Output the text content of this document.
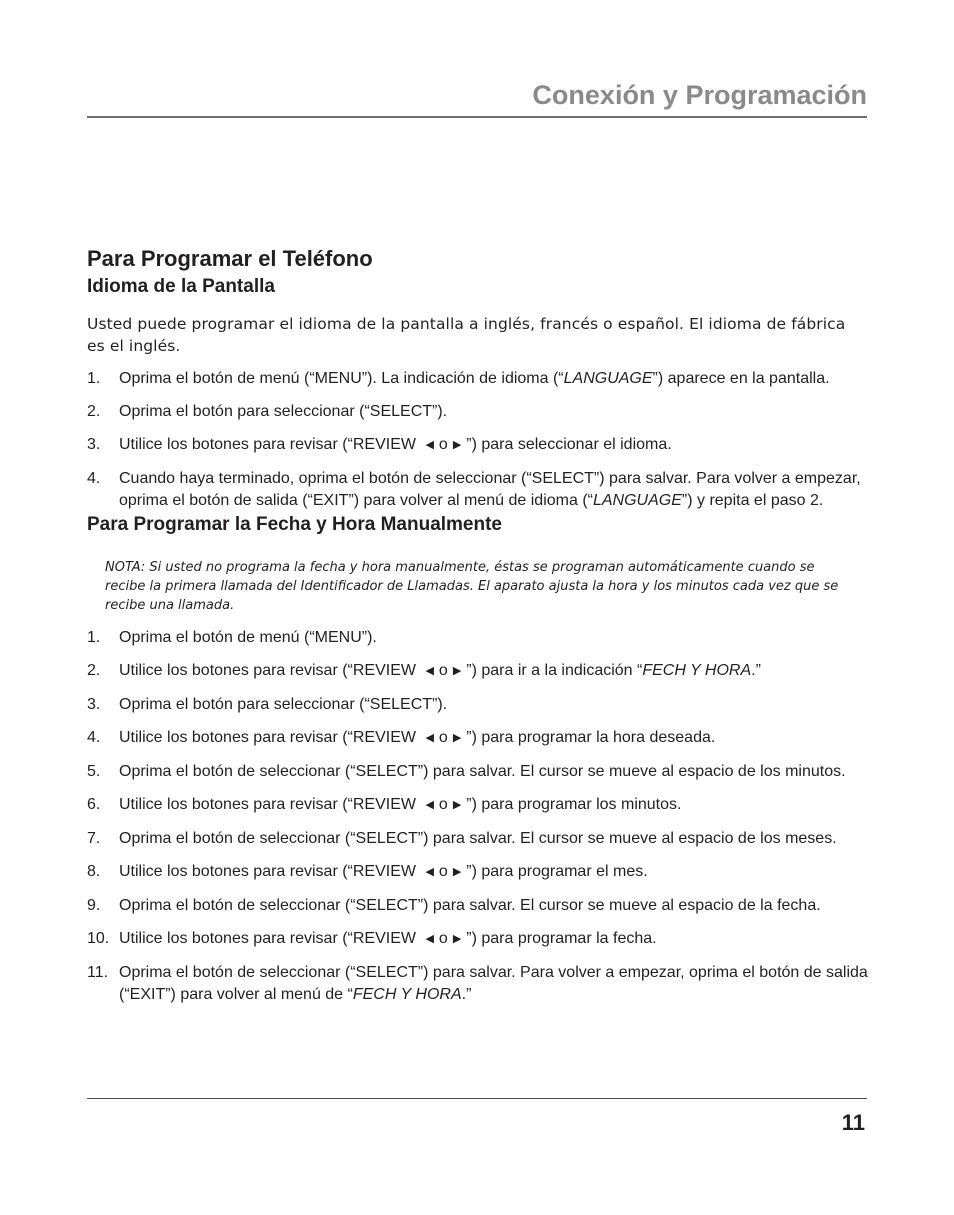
Conexión y Programación
Para Programar el Teléfono
Idioma de la Pantalla

Usted puede programar el idioma de la pantalla a inglés, francés o español. El idioma de fábrica es el inglés.

1. Oprima el botón de menú (“MENU”). La indicación de idioma (“LANGUAGE”) aparece en la pantalla.
2. Oprima el botón para seleccionar (“SELECT”).
3. Utilice los botones para revisar (“REVIEW ◀ o ▶ ”) para seleccionar el idioma.
4. Cuando haya terminado, oprima el botón de seleccionar (“SELECT”) para salvar. Para volver a empezar, oprima el botón de salida (“EXIT”) para volver al menú de idioma (“LANGUAGE”) y repita el paso 2.
Para Programar la Fecha y Hora Manualmente

NOTA: Si usted no programa la fecha y hora manualmente, éstas se programan automáticamente cuando se recibe la primera llamada del Identificador de Llamadas. El aparato ajusta la hora y los minutos cada vez que se recibe una llamada.

1. Oprima el botón de menú (“MENU”).
2. Utilice los botones para revisar (“REVIEW ◀ o ▶ ”) para ir a la indicación “FECH Y HORA.”
3. Oprima el botón para seleccionar (“SELECT”).
4. Utilice los botones para revisar (“REVIEW ◀ o ▶ ”) para programar la hora deseada.
5. Oprima el botón de seleccionar (“SELECT”) para salvar. El cursor se mueve al espacio de los minutos.
6. Utilice los botones para revisar (“REVIEW ◀ o ▶ ”) para programar los minutos.
7. Oprima el botón de seleccionar (“SELECT”) para salvar. El cursor se mueve al espacio de los meses.
8. Utilice los botones para revisar (“REVIEW ◀ o ▶ ”) para programar el mes.
9. Oprima el botón de seleccionar (“SELECT”) para salvar. El cursor se mueve al espacio de la fecha.
10. Utilice los botones para revisar (“REVIEW ◀ o ▶ ”) para programar la fecha.
11. Oprima el botón de seleccionar (“SELECT”) para salvar. Para volver a empezar, oprima el botón de salida (“EXIT”) para volver al menú de “FECH Y HORA.”
11
